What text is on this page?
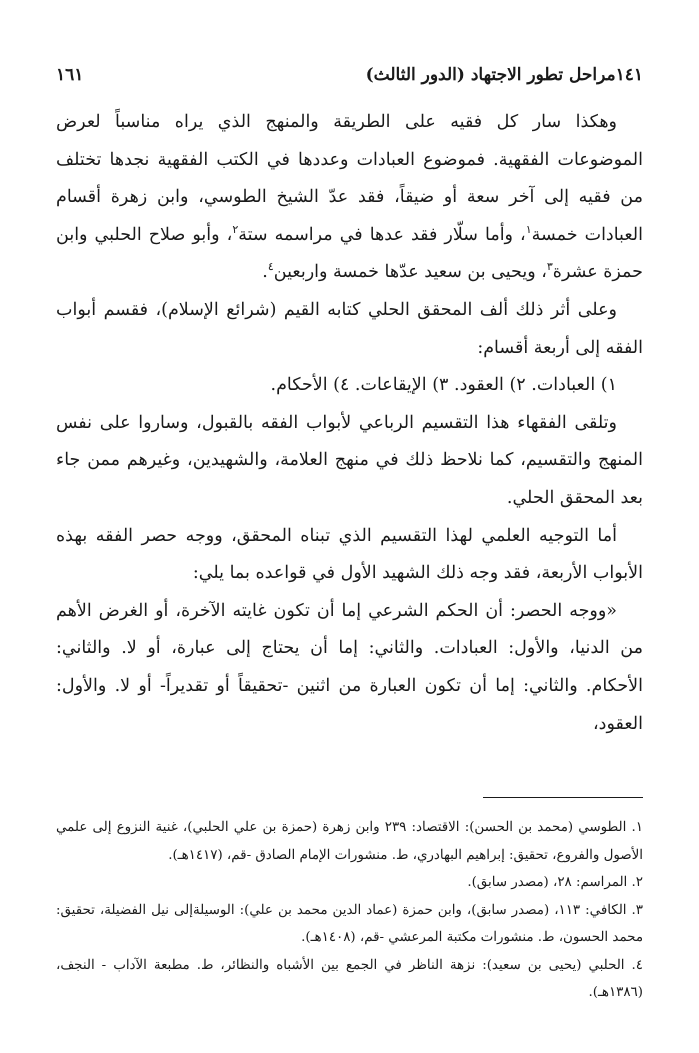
١٤١مراحل تطور الاجتهاد (الدور الثالث)
١٦١

وهكذا سار كل فقيه على الطريقة والمنهج الذي يراه مناسباً لعرض الموضوعات الفقهية. فموضوع العبادات وعددها في الكتب الفقهية نجدها تختلف من فقيه إلى آخر سعة أو ضيقاً، فقد عدّ الشيخ الطوسي، وابن زهرة أقسام العبادات خمسة$^١$، وأما سلّار فقد عدها في مراسمه ستة$^٢$، وأبو صلاح الحلبي وابن حمزة عشرة$^٣$، ويحيى بن سعيد عدّها خمسة واربعين$^٤$.

وعلى أثر ذلك ألف المحقق الحلي كتابه القيم (شرائع الإسلام)، فقسم أبواب الفقه إلى أربعة أقسام:

١) العبادات. ٢) العقود. ٣) الإيقاعات. ٤) الأحكام.

وتلقى الفقهاء هذا التقسيم الرباعي لأبواب الفقه بالقبول، وساروا على نفس المنهج والتقسيم، كما نلاحظ ذلك في منهج العلامة، والشهيدين، وغيرهم ممن جاء بعد المحقق الحلي.

أما التوجيه العلمي لهذا التقسيم الذي تبناه المحقق، ووجه حصر الفقه بهذه الأبواب الأربعة، فقد وجه ذلك الشهيد الأول في قواعده بما يلي:

«ووجه الحصر: أن الحكم الشرعي إما أن تكون غايته الآخرة، أو الغرض الأهم من الدنيا، والأول: العبادات. والثاني: إما أن يحتاج إلى عبارة، أو لا. والثاني: الأحكام. والثاني: إما أن تكون العبارة من اثنين -تحقيقاً أو تقديراً- أو لا. والأول: العقود،

١. الطوسي (محمد بن الحسن): الاقتصاد: ٢٣٩ وابن زهرة (حمزة بن علي الحلبي)، غنية النزوع إلى علمي الأصول والفروع، تحقيق: إبراهيم البهادري، ط. منشورات الإمام الصادق -قم، (١٤١٧هـ).

٢. المراسم: ٢٨، (مصدر سابق).

٣. الكافي: ١١٣، (مصدر سابق)، وابن حمزة (عماد الدين محمد بن علي): الوسيلةإلى نيل الفضيلة، تحقيق: محمد الحسون، ط. منشورات مكتبة المرعشي -قم، (١٤٠٨هـ).

٤. الحلبي (يحيى بن سعيد): نزهة الناظر في الجمع بين الأشباه والنظائر، ط. مطبعة الآداب - النجف، (١٣٨٦هـ).
